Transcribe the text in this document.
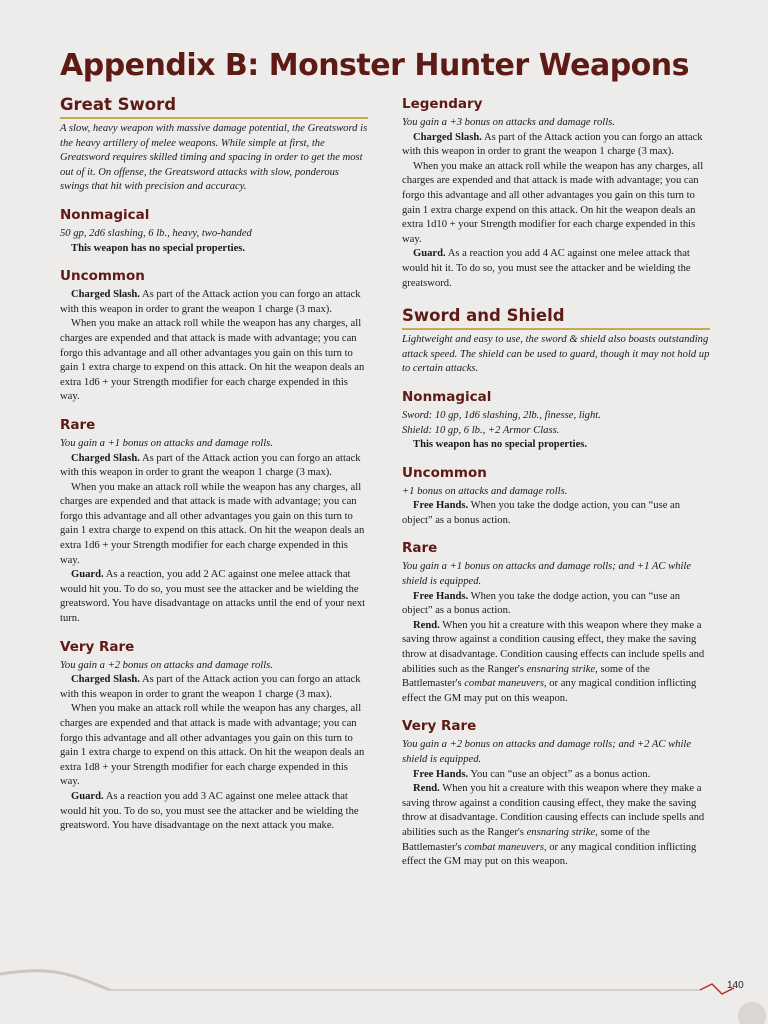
Appendix B: Monster Hunter Weapons
Great Sword

A slow, heavy weapon with massive damage potential, the Greatsword is the heavy artillery of melee weapons. While simple at first, the Greatsword requires skilled timing and spacing in order to get the most out of it. On offense, the Greatsword attacks with slow, ponderous swings that hit with precision and accuracy.

Nonmagical

50 gp, 2d6 slashing, 6 lb., heavy, two-handed

This weapon has no special properties.

Uncommon

Charged Slash. As part of the Attack action you can forgo an attack with this weapon in order to grant the weapon 1 charge (3 max).

When you make an attack roll while the weapon has any charges, all charges are expended and that attack is made with advantage; you can forgo this advantage and all other advantages you gain on this turn to gain 1 extra charge to expend on this attack. On hit the weapon deals an extra 1d6 + your Strength modifier for each charge expended in this way.

Rare

You gain a +1 bonus on attacks and damage rolls.

Charged Slash. As part of the Attack action you can forgo an attack with this weapon in order to grant the weapon 1 charge (3 max).

When you make an attack roll while the weapon has any charges, all charges are expended and that attack is made with advantage; you can forgo this advantage and all other advantages you gain on this turn to gain 1 extra charge to expend on this attack. On hit the weapon deals an extra 1d6 + your Strength modifier for each charge expended in this way.

Guard. As a reaction, you add 2 AC against one melee attack that would hit you. To do so, you must see the attacker and be wielding the greatsword. You have disadvantage on attacks until the end of your next turn.

Very Rare

You gain a +2 bonus on attacks and damage rolls.

Charged Slash. As part of the Attack action you can forgo an attack with this weapon in order to grant the weapon 1 charge (3 max).

When you make an attack roll while the weapon has any charges, all charges are expended and that attack is made with advantage; you can forgo this advantage and all other advantages you gain on this turn to gain 1 extra charge to expend on this attack. On hit the weapon deals an extra 1d8 + your Strength modifier for each charge expended in this way.

Guard. As a reaction you add 3 AC against one melee attack that would hit you. To do so, you must see the attacker and be wielding the greatsword. You have disadvantage on the next attack you make.

Legendary

You gain a +3 bonus on attacks and damage rolls.

Charged Slash. As part of the Attack action you can forgo an attack with this weapon in order to grant the weapon 1 charge (3 max).

When you make an attack roll while the weapon has any charges, all charges are expended and that attack is made with advantage; you can forgo this advantage and all other advantages you gain on this turn to gain 1 extra charge expend on this attack. On hit the weapon deals an extra 1d10 + your Strength modifier for each charge expended in this way.

Guard. As a reaction you add 4 AC against one melee attack that would hit it. To do so, you must see the attacker and be wielding the

greatsword.

Sword and Shield

Lightweight and easy to use, the sword & shield also boasts outstanding attack speed. The shield can be used to guard, though it may not hold up to certain attacks.

Nonmagical

Sword: 10 gp, 1d6 slashing, 2lb., finesse, light.

Shield: 10 gp, 6 lb., +2 Armor Class.

This weapon has no special properties.

Uncommon

+1 bonus on attacks and damage rolls.

Free Hands. When you take the dodge action, you can “use an object” as a bonus action.

Rare

You gain a +1 bonus on attacks and damage rolls; and +1 AC while shield is equipped.

Free Hands. When you take the dodge action, you can “use an object” as a bonus action.

Rend. When you hit a creature with this weapon where they make a saving throw against a condition causing effect, they make the saving throw at disadvantage. Condition causing effects can include spells and abilities such as the Ranger's ensnaring strike, some of the Battlemaster's combat maneuvers, or any magical condition inflicting effect the GM may put on this weapon.

Very Rare

You gain a +2 bonus on attacks and damage rolls; and +2 AC while shield is equipped.

Free Hands. You can “use an object” as a bonus action.

Rend. When you hit a creature with this weapon where they make a saving throw against a condition causing effect, they make the saving throw at disadvantage. Condition causing effects can include spells and abilities such as the Ranger's ensnaring strike, some of the Battlemaster's combat maneuvers, or any magical condition inflicting effect the GM may put on this weapon.

140
